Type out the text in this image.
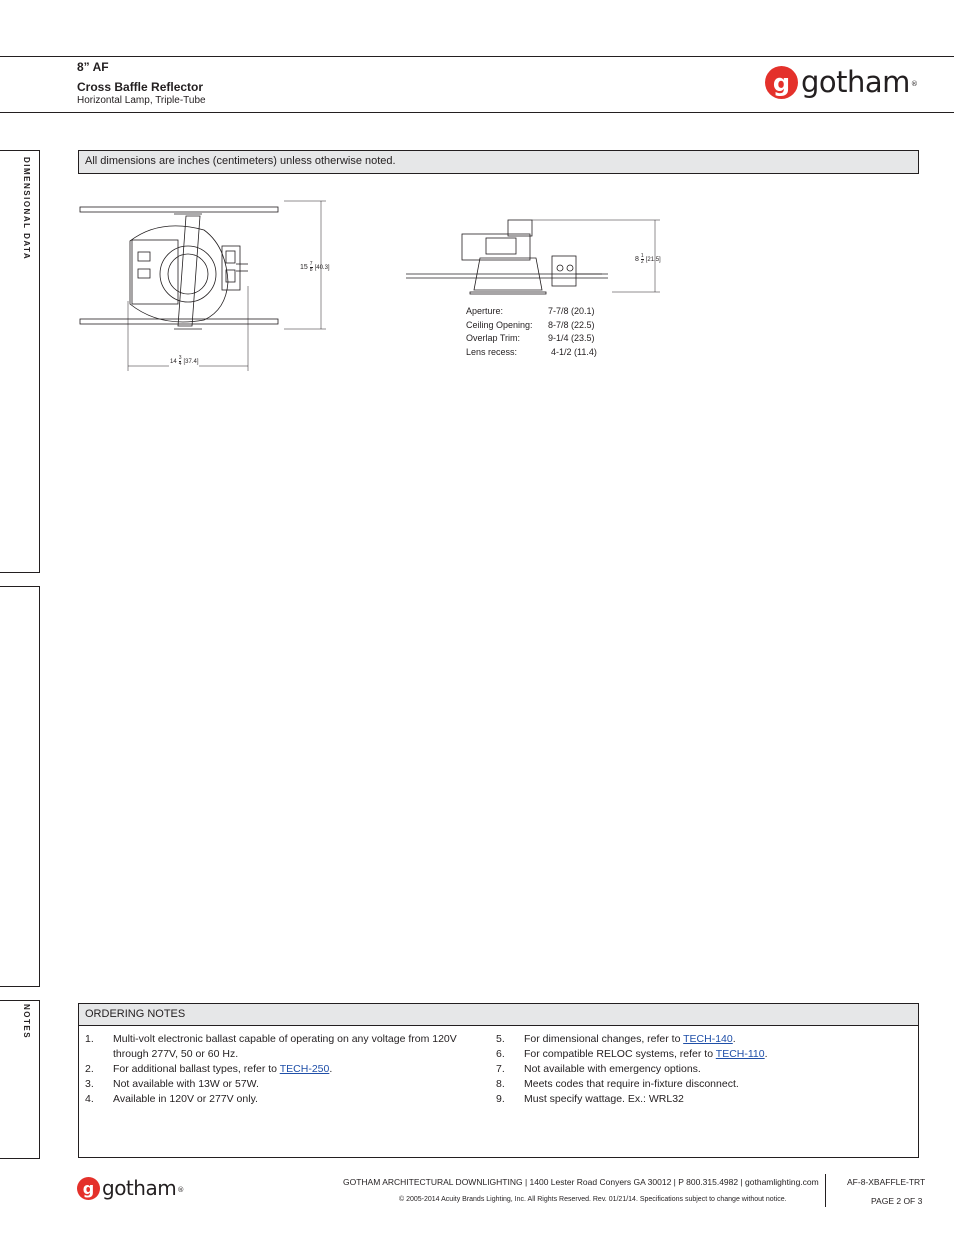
8” AF
Cross Baffle Reflector
Horizontal Lamp, Triple-Tube
g gotham®
DIMENSIONAL DATA
NOTES
All dimensions are inches (centimeters) unless otherwise noted.
$15 \frac{7}{8} [40.3]$
$14 \frac{3}{4} [37.4]$
$8 \frac{1}{2} [21.5]$
Aperture:	7-7/8 (20.1)
Ceiling Opening:	8-7/8 (22.5)
Overlap Trim:	9-1/4 (23.5)
Lens recess:	4-1/2 (11.4)
ORDERING NOTES
1.	Multi-volt electronic ballast capable of operating on any voltage from 120V through 277V, 50 or 60 Hz.
2.	For additional ballast types, refer to TECH-250.
3.	Not available with 13W or 57W.
4.	Available in 120V or 277V only.
5.	For dimensional changes, refer to TECH-140.
6.	For compatible RELOC systems, refer to TECH-110.
7.	Not available with emergency options.
8.	Meets codes that require in-fixture disconnect.
9.	Must specify wattage. Ex.: WRL32
g gotham®
GOTHAM ARCHITECTURAL DOWNLIGHTING | 1400 Lester Road Conyers GA 30012 | P 800.315.4982 | gothamlighting.com
© 2005-2014 Acuity Brands Lighting, Inc. All Rights Reserved. Rev. 01/21/14. Specifications subject to change without notice.
AF-8-XBAFFLE-TRT
PAGE 2 OF 3
